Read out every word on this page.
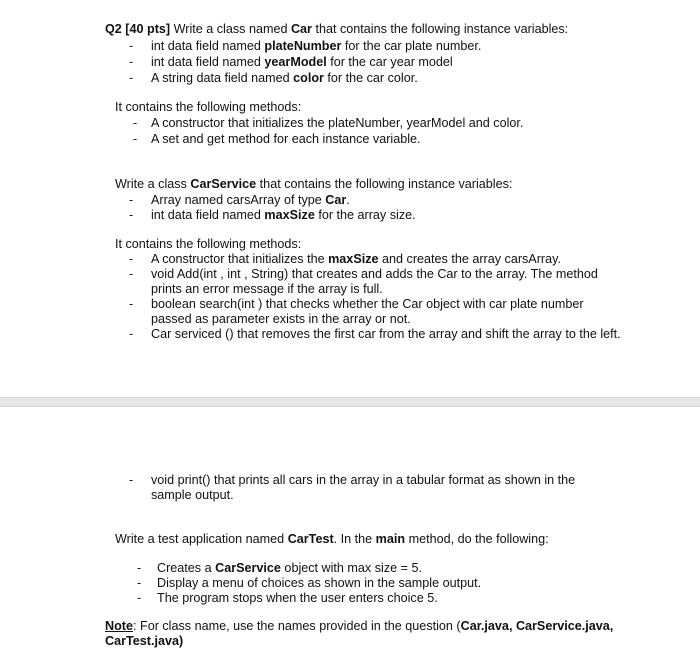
Q2 [40 pts] Write a class named Car that contains the following instance variables:
- int data field named plateNumber for the car plate number.
- int data field named yearModel for the car year model
- A string data field named color for the car color.
It contains the following methods:
- A constructor that initializes the plateNumber, yearModel and color.
- A set and get method for each instance variable.
Write a class CarService that contains the following instance variables:
- Array named carsArray of type Car.
- int data field named maxSize for the array size.
It contains the following methods:
- A constructor that initializes the maxSize and creates the array carsArray.
- void Add(int , int , String) that creates and adds the Car to the array. The method
prints an error message if the array is full.
- boolean search(int ) that checks whether the Car object with car plate number
passed as parameter exists in the array or not.
- Car serviced () that removes the first car from the array and shift the array to the left.
- void print() that prints all cars in the array in a tabular format as shown in the
sample output.
Write a test application named CarTest. In the main method, do the following:
- Creates a CarService object with max size = 5.
- Display a menu of choices as shown in the sample output.
- The program stops when the user enters choice 5.
Note: For class name, use the names provided in the question (Car.java, CarService.java,
CarTest.java)
